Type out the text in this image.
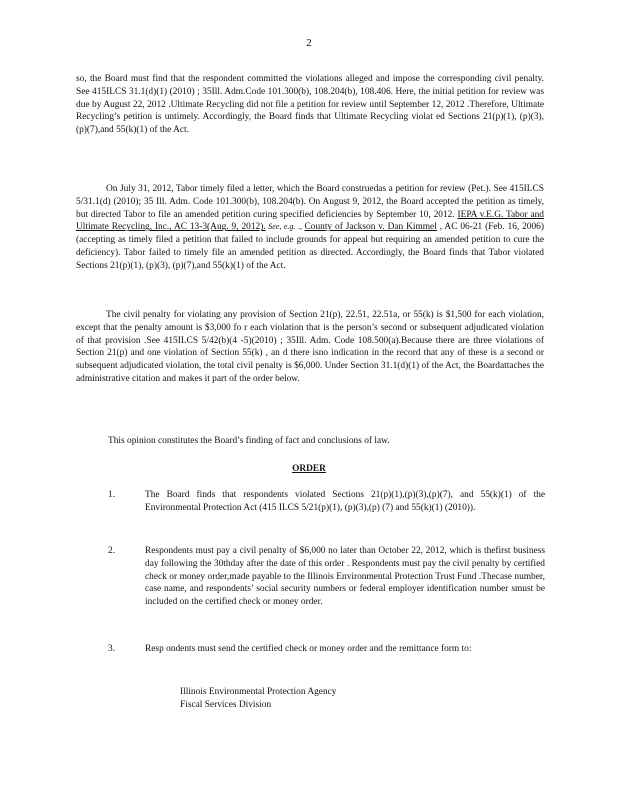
2

so, the Board must find that the respondent committed the violations alleged and impose the corresponding civil penalty. See 415ILCS 31.1(d)(1) (2010) ; 35Ill. Adm.Code 101.300(b), 108.204(b), 108.406. Here, the initial petition for review was due by August 22, 2012 .Ultimate Recycling did not file a petition for review until September 12, 2012 .Therefore, Ultimate Recycling’s petition is untimely. Accordingly, the Board finds that Ultimate Recycling violat ed Sections 21(p)(1), (p)(3), (p)(7),and 55(k)(1) of the Act.

On July 31, 2012, Tabor timely filed a letter, which the Board construedas a petition for review (Pet.). See 415ILCS 5/31.1(d) (2010); 35 Ill. Adm. Code 101.300(b), 108.204(b). On August 9, 2012, the Board accepted the petition as timely, but directed Tabor to file an amended petition curing specified deficiencies by September 10, 2012. IEPA v.E.G. Tabor and Ultimate Recycling, Inc., AC 13-3(Aug. 9, 2012). See, e.g. ., County of Jackson v. Dan Kimmel , AC 06-21 (Feb. 16, 2006) (accepting as timely filed a petition that failed to include grounds for appeal but requiring an amended petition to cure the deficiency). Tabor failed to timely file an amended petition as directed. Accordingly, the Board finds that Tabor violated Sections 21(p)(1), (p)(3), (p)(7),and 55(k)(1) of the Act.

The civil penalty for violating any provision of Section 21(p), 22.51, 22.51a, or 55(k) is $1,500 for each violation, except that the penalty amount is $3,000 fo r each violation that is the person’s second or subsequent adjudicated violation of that provision .See 415ILCS 5/42(b)(4 -5)(2010) ; 35Ill. Adm. Code 108.500(a).Because there are three violations of Section 21(p) and one violation of Section 55(k) , an d there isno indication in the record that any of these is a second or subsequent adjudicated violation, the total civil penalty is $6,000. Under Section 31.1(d)(1) of the Act, the Boardattaches the administrative citation and makes it part of the order below.

This opinion constitutes the Board’s finding of fact and conclusions of law.

ORDER
1.	The Board finds that respondents violated Sections 21(p)(1),(p)(3),(p)(7), and 55(k)(1) of the Environmental Protection Act (415 ILCS 5/21(p)(1), (p)(3),(p) (7) and 55(k)(1) (2010)).
2.	Respondents must pay a civil penalty of $6,000 no later than October 22, 2012, which is thefirst business day following the 30thday after the date of this order . Respondents must pay the civil penalty by certified check or money order,made payable to the Illinois Environmental Protection Trust Fund .Thecase number, case name, and respondents’ social security numbers or federal employer identification number smust be included on the certified check or money order.
3.	Resp ondents must send the certified check or money order and the remittance form to:
Illinois Environmental Protection Agency
Fiscal Services Division
